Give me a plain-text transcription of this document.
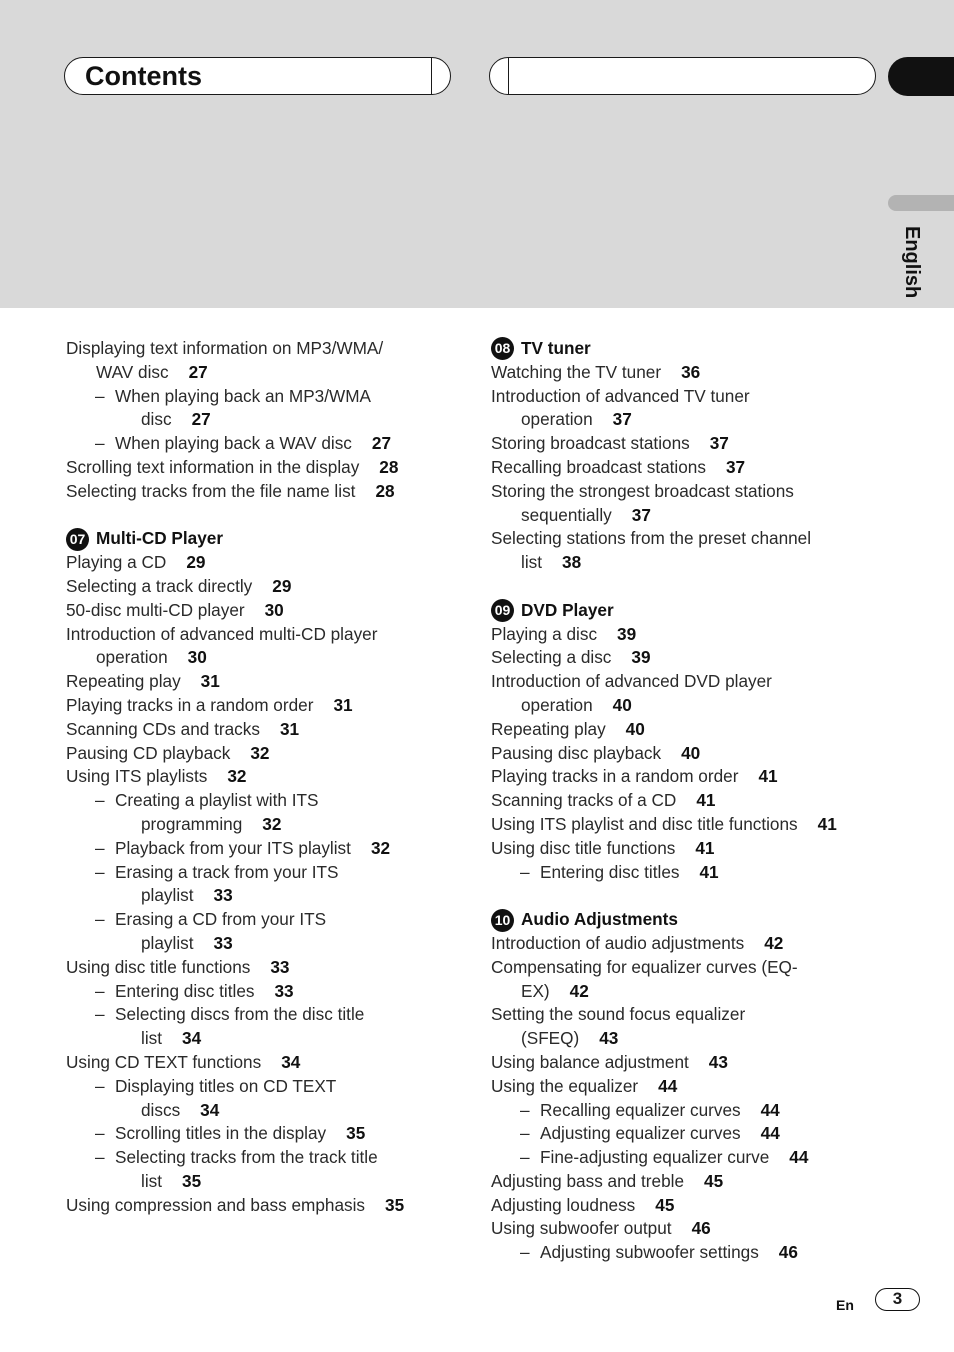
Contents
English
Displaying text information on MP3/WMA/
WAV disc 27
– When playing back an MP3/WMA
disc 27
– When playing back a WAV disc 27
Scrolling text information in the display 28
Selecting tracks from the file name list 28
07 Multi-CD Player
Playing a CD 29
Selecting a track directly 29
50-disc multi-CD player 30
Introduction of advanced multi-CD player
operation 30
Repeating play 31
Playing tracks in a random order 31
Scanning CDs and tracks 31
Pausing CD playback 32
Using ITS playlists 32
– Creating a playlist with ITS
programming 32
– Playback from your ITS playlist 32
– Erasing a track from your ITS
playlist 33
– Erasing a CD from your ITS
playlist 33
Using disc title functions 33
– Entering disc titles 33
– Selecting discs from the disc title
list 34
Using CD TEXT functions 34
– Displaying titles on CD TEXT
discs 34
– Scrolling titles in the display 35
– Selecting tracks from the track title
list 35
Using compression and bass emphasis 35
08 TV tuner
Watching the TV tuner 36
Introduction of advanced TV tuner
operation 37
Storing broadcast stations 37
Recalling broadcast stations 37
Storing the strongest broadcast stations
sequentially 37
Selecting stations from the preset channel
list 38
09 DVD Player
Playing a disc 39
Selecting a disc 39
Introduction of advanced DVD player
operation 40
Repeating play 40
Pausing disc playback 40
Playing tracks in a random order 41
Scanning tracks of a CD 41
Using ITS playlist and disc title functions 41
Using disc title functions 41
– Entering disc titles 41
10 Audio Adjustments
Introduction of audio adjustments 42
Compensating for equalizer curves (EQ-
EX) 42
Setting the sound focus equalizer
(SFEQ) 43
Using balance adjustment 43
Using the equalizer 44
– Recalling equalizer curves 44
– Adjusting equalizer curves 44
– Fine-adjusting equalizer curve 44
Adjusting bass and treble 45
Adjusting loudness 45
Using subwoofer output 46
– Adjusting subwoofer settings 46
En	3
